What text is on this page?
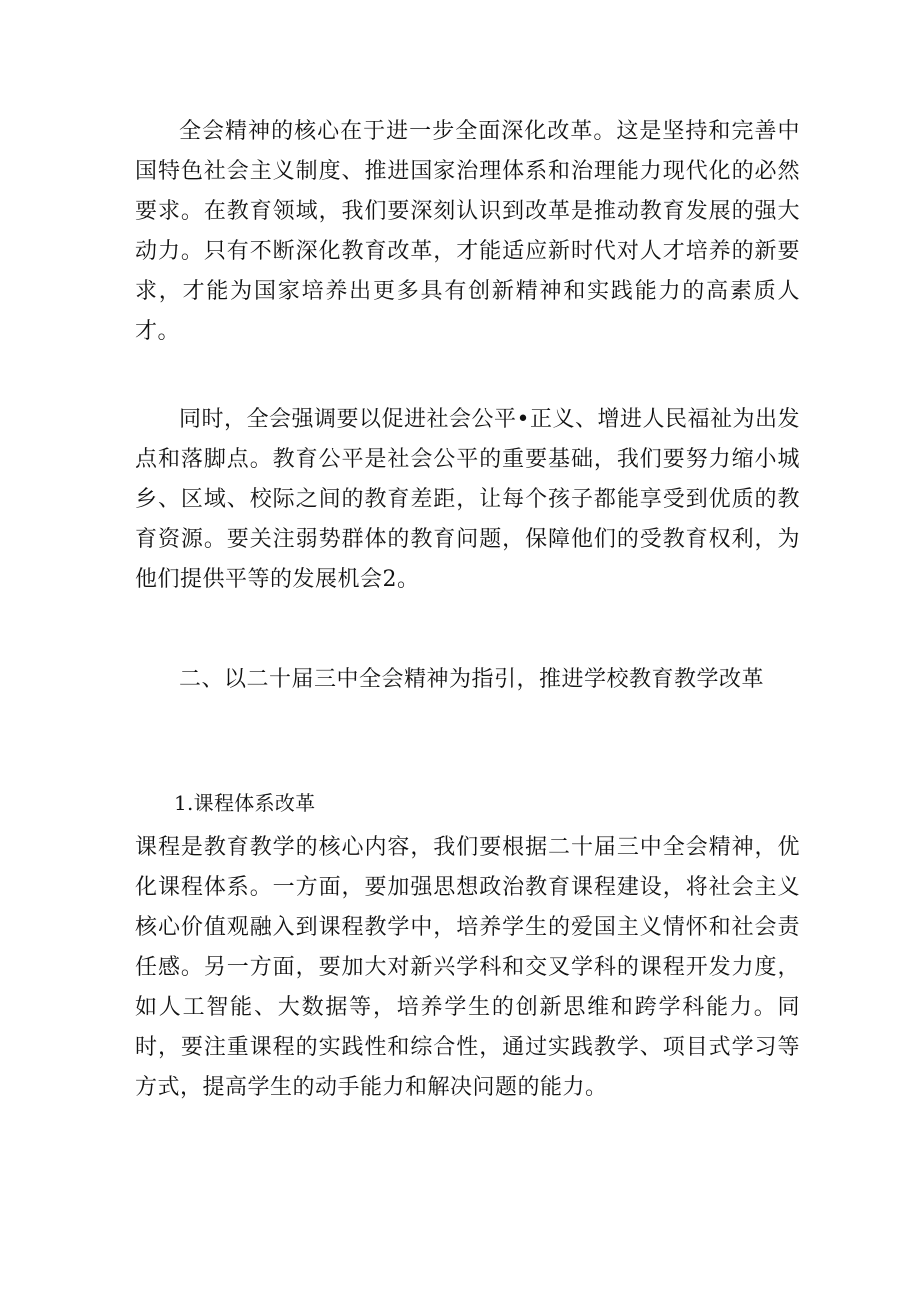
全会精神的核心在于进一步全面深化改革。这是坚持和完善中国特色社会主义制度、推进国家治理体系和治理能力现代化的必然要求。在教育领域，我们要深刻认识到改革是推动教育发展的强大动力。只有不断深化教育改革，才能适应新时代对人才培养的新要求，才能为国家培养出更多具有创新精神和实践能力的高素质人才。

同时，全会强调要以促进社会公平•正义、增进人民福祉为出发点和落脚点。教育公平是社会公平的重要基础，我们要努力缩小城乡、区域、校际之间的教育差距，让每个孩子都能享受到优质的教育资源。要关注弱势群体的教育问题，保障他们的受教育权利，为他们提供平等的发展机会2。

二、以二十届三中全会精神为指引，推进学校教育教学改革
1.课程体系改革

课程是教育教学的核心内容，我们要根据二十届三中全会精神，优化课程体系。一方面，要加强思想政治教育课程建设，将社会主义核心价值观融入到课程教学中，培养学生的爱国主义情怀和社会责任感。另一方面，要加大对新兴学科和交叉学科的课程开发力度，如人工智能、大数据等，培养学生的创新思维和跨学科能力。同时，要注重课程的实践性和综合性，通过实践教学、项目式学习等方式，提高学生的动手能力和解决问题的能力。
